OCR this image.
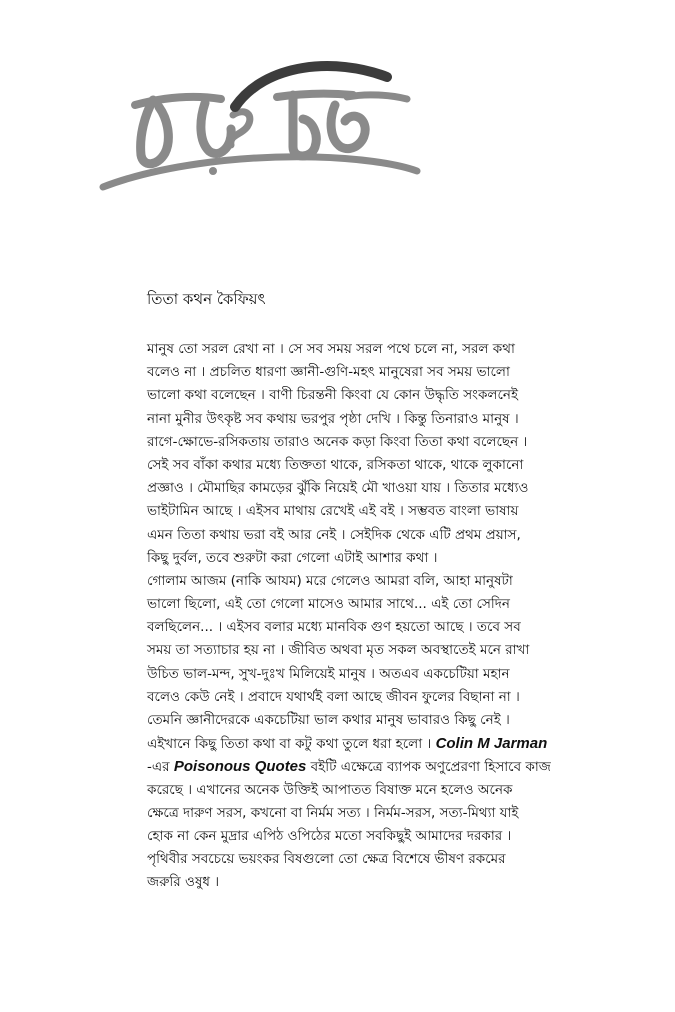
তিতা কথন কৈফিয়ৎ
মানুষ তো সরল রেখা না । সে সব সময় সরল পথে চলে না, সরল কথা
বলেও না । প্রচলিত ধারণা জ্ঞানী-গুণি-মহৎ মানুষেরা সব সময় ভালো
ভালো কথা বলেছেন । বাণী চিরন্তনী কিংবা যে কোন উদ্ধৃতি সংকলনেই
নানা মুনীর উৎকৃষ্ট সব কথায় ভরপুর পৃষ্ঠা দেখি । কিন্তু তিনারাও মানুষ ।
রাগে-ক্ষোভে-রসিকতায় তারাও অনেক কড়া কিংবা তিতা কথা বলেছেন ।
সেই সব বাঁকা কথার মধ্যে তিক্ততা থাকে, রসিকতা থাকে, থাকে লুকানো
প্রজ্ঞাও । মৌমাছির কামড়ের ঝুঁকি নিয়েই মৌ খাওয়া যায় । তিতার মধ্যেও
ভাইটামিন আছে । এইসব মাথায় রেখেই এই বই । সম্ভবত বাংলা ভাষায়
এমন তিতা কথায় ভরা বই আর নেই । সেইদিক থেকে এটি প্রথম প্রয়াস,
কিছু দুর্বল, তবে শুরুটা করা গেলো এটাই আশার কথা ।
গোলাম আজম (নাকি আযম) মরে গেলেও আমরা বলি, আহা মানুষটা
ভালো ছিলো, এই তো গেলো মাসেও আমার সাথে... এই তো সেদিন
বলছিলেন... । এইসব বলার মধ্যে মানবিক গুণ হয়তো আছে । তবে সব
সময় তা সত্যাচার হয় না । জীবিত অথবা মৃত সকল অবস্থাতেই মনে রাখা
উচিত ভাল-মন্দ, সুখ-দুঃখ মিলিয়েই মানুষ । অতএব একচেটিয়া মহান
বলেও কেউ নেই । প্রবাদে যথার্থই বলা আছে জীবন ফুলের বিছানা না ।
তেমনি জ্ঞানীদেরকে একচেটিয়া ভাল কথার মানুষ ভাবারও কিছু নেই ।
এইখানে কিছু তিতা কথা বা কটু কথা তুলে ধরা হলো । Colin M Jarman
-এর Poisonous Quotes বইটি এক্ষেত্রে ব্যাপক অণুপ্রেরণা হিসাবে কাজ
করেছে । এখানের অনেক উক্তিই আপাতত বিষাক্ত মনে হলেও অনেক
ক্ষেত্রে দারুণ সরস, কখনো বা নির্মম সত্য । নির্মম-সরস, সত্য-মিথ্যা যাই
হোক না কেন মুদ্রার এপিঠ ওপিঠের মতো সবকিছুই আমাদের দরকার ।
পৃথিবীর সবচেয়ে ভয়ংকর বিষগুলো তো ক্ষেত্র বিশেষে ভীষণ রকমের
জরুরি ওষুধ ।
